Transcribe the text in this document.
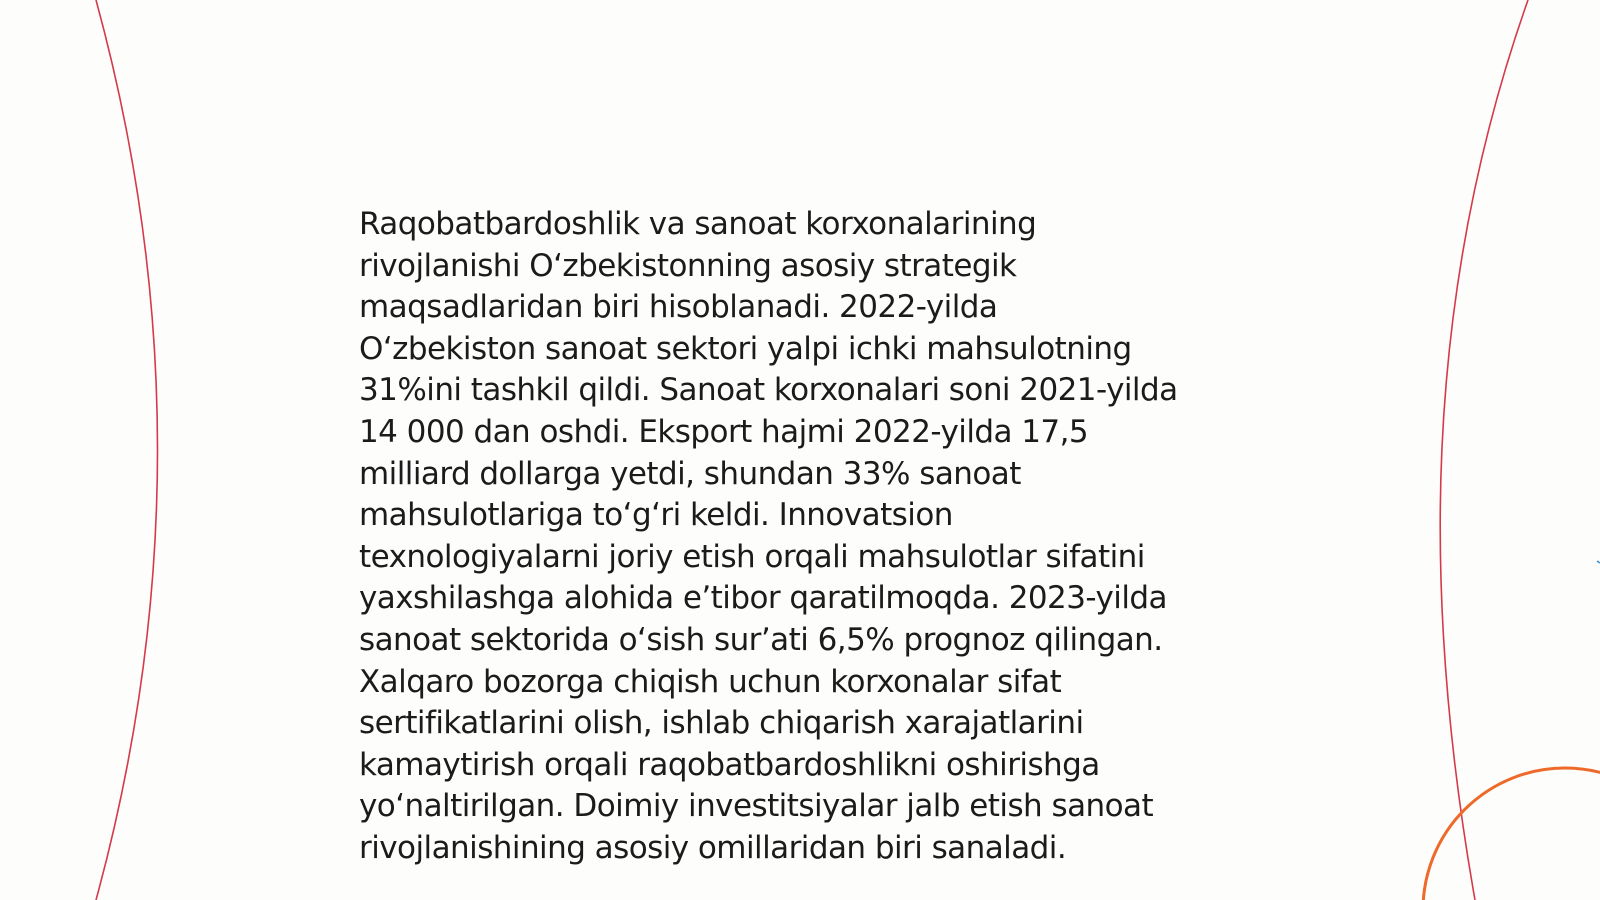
Raqobatbardoshlik va sanoat korxonalarining
rivojlanishi O‘zbekistonning asosiy strategik
maqsadlaridan biri hisoblanadi. 2022-yilda
O‘zbekiston sanoat sektori yalpi ichki mahsulotning
31%ini tashkil qildi. Sanoat korxonalari soni 2021-yilda
14 000 dan oshdi. Eksport hajmi 2022-yilda 17,5
milliard dollarga yetdi, shundan 33% sanoat
mahsulotlariga to‘g‘ri keldi. Innovatsion
texnologiyalarni joriy etish orqali mahsulotlar sifatini
yaxshilashga alohida e’tibor qaratilmoqda. 2023-yilda
sanoat sektorida o‘sish sur’ati 6,5% prognoz qilingan.
Xalqaro bozorga chiqish uchun korxonalar sifat
sertifikatlarini olish, ishlab chiqarish xarajatlarini
kamaytirish orqali raqobatbardoshlikni oshirishga
yo‘naltirilgan. Doimiy investitsiyalar jalb etish sanoat
rivojlanishining asosiy omillaridan biri sanaladi.
